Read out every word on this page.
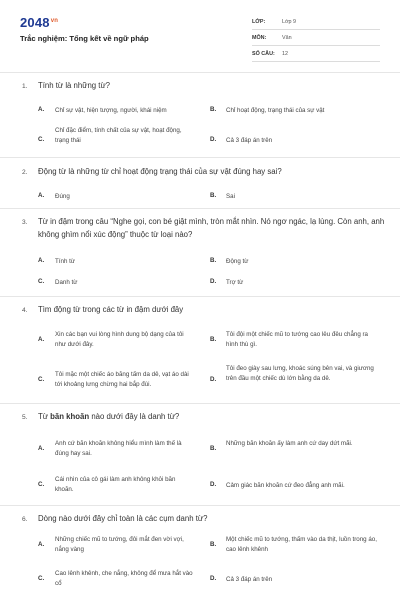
$2048^{vn}$
Trắc nghiệm: Tổng kết về ngữ pháp
LỚP:	Lớp 9
MÔN:	Văn
SỐ CÂU:	12
1. Tính từ là những từ?
A. Chỉ sự vật, hiện tượng, người, khái niệm	B. Chỉ hoạt động, trạng thái của sự vật
C.
Chỉ đặc điểm, tính chất của sự vật, hoạt động, trạng thái	D. Cả 3 đáp án trên
2. Động từ là những từ chỉ hoạt động trạng thái của sự vật đúng hay sai?
A. Đúng	B. Sai
3. Từ in đậm trong câu “Nghe gọi, con bé giật mình, tròn mắt nhìn. Nó ngơ ngác, lạ lùng. Còn anh, anh không ghìm nổi xúc động” thuộc từ loại nào?
A. Tính từ	B. Động từ
C. Danh từ	D. Trợ từ
4. Tìm động từ trong các từ in đậm dưới đây
A.
Xin các bạn vui lòng hình dung bộ dạng của tôi như dưới đây.
B.
Tôi đội một chiếc mũ to tướng cao lêu đêu chẳng ra hình thù gì.
C.
Tôi mặc một chiếc áo băng tấm da dê, vạt áo dài tới khoảng lưng chừng hai bắp đùi.
D.
Tôi đeo giày sau lưng, khoác súng bên vai, và giương trên đầu một chiếc dù lớn bằng da dê.
5. Từ băn khoăn nào dưới đây là danh từ?
A.
Anh cứ băn khoăn không hiểu mình làm thế là đúng hay sai.
B.
Những băn khoăn ấy làm anh cứ day dứt mãi.
C.
Cái nhìn của cô gái làm anh không khỏi băn khoăn.
D. Cảm giác băn khoăn cứ đeo đẳng anh mãi.
6. Dòng nào dưới đây chỉ toàn là các cụm danh từ?
A.
Những chiếc mũ to tướng, đôi mắt đen vời vợi, nắng vàng
B.
Một chiếc mũ to tướng, thấm vào da thịt, luồn trong áo, cao lênh khênh
C.
Cao lênh khênh, che nắng, không để mưa hắt vào cổ
D. Cả 3 đáp án trên
